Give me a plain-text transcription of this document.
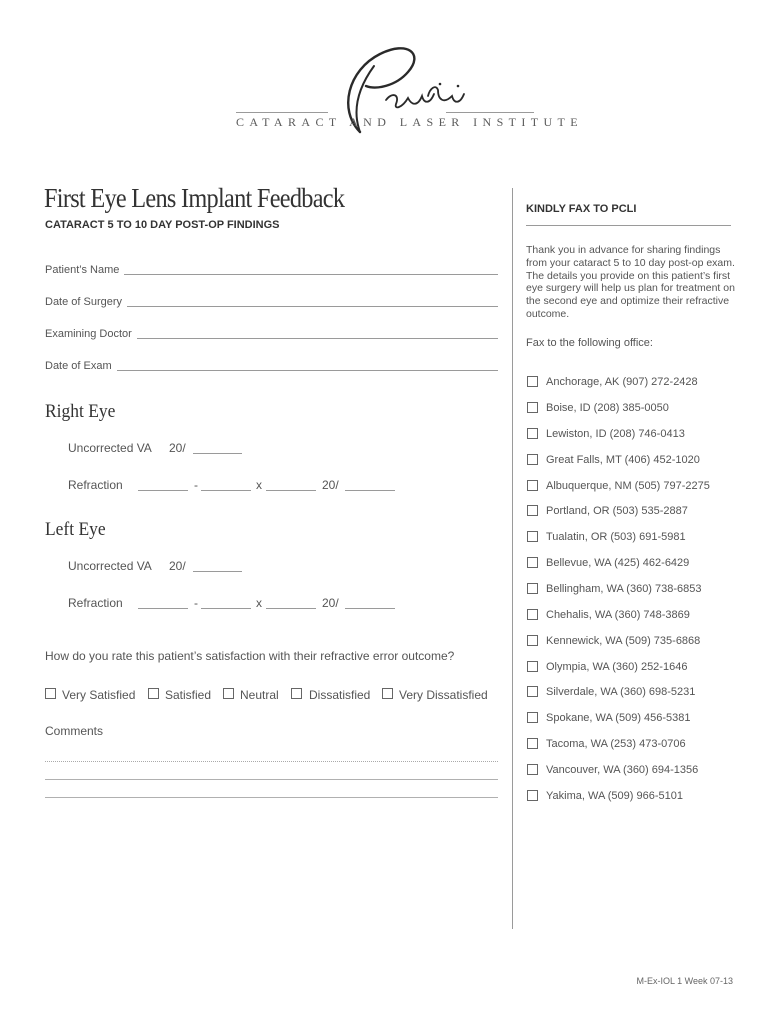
CATARACT AND LASER INSTITUTE
First Eye Lens Implant Feedback
CATARACT 5 TO 10 DAY POST-OP FINDINGS
Patient’s Name
Date of Surgery
Examining Doctor
Date of Exam
Right Eye
Uncorrected VA 20/
Refraction	-	x	20/
Left Eye
Uncorrected VA 20/
Refraction	-	x	20/
How do you rate this patient’s satisfaction with their refractive error outcome?
Very Satisfied Satisfied Neutral	Dissatisfied Very Dissatisfied
Comments
KINDLY FAX TO PCLI
Thank you in advance for sharing findings from your cataract 5 to 10 day post-op exam. The details you provide on this patient’s first eye surgery will help us plan for treatment on the second eye and optimize their refractive outcome.
Fax to the following office:
Anchorage, AK (907) 272-2428
Boise, ID (208) 385-0050
Lewiston, ID (208) 746-0413
Great Falls, MT (406) 452-1020
Albuquerque, NM (505) 797-2275
Portland, OR (503) 535-2887
Tualatin, OR (503) 691-5981
Bellevue, WA (425) 462-6429
Bellingham, WA (360) 738-6853
Chehalis, WA (360) 748-3869
Kennewick, WA (509) 735-6868
Olympia, WA (360) 252-1646
Silverdale, WA (360) 698-5231
Spokane, WA (509) 456-5381
Tacoma, WA (253) 473-0706
Vancouver, WA (360) 694-1356
Yakima, WA (509) 966-5101
M-Ex-IOL 1 Week 07-13
